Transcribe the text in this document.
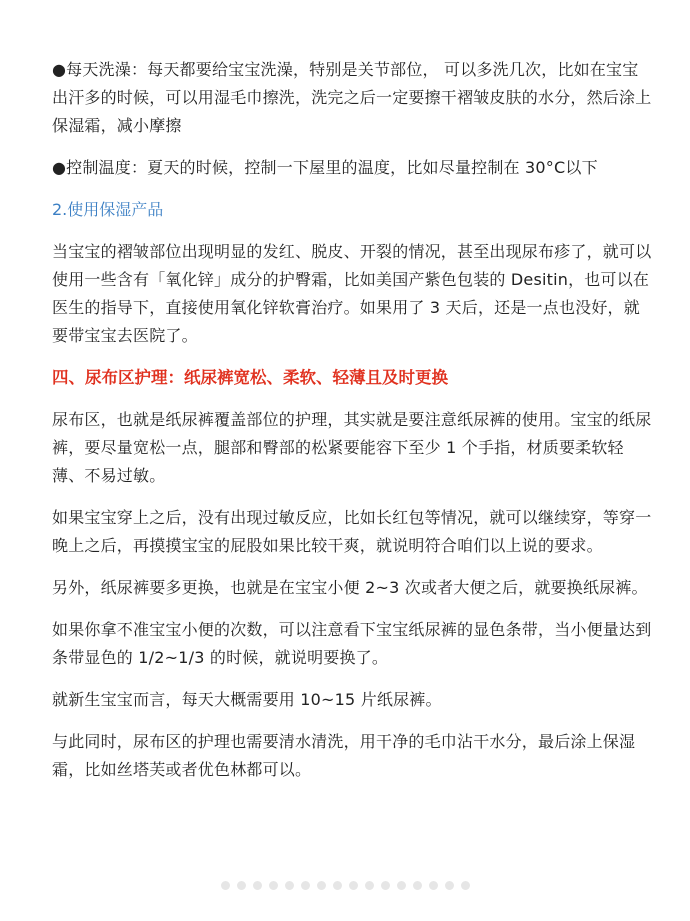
●每天洗澡：每天都要给宝宝洗澡，特别是关节部位， 可以多洗几次，比如在宝宝出汗多的时候，可以用湿毛巾擦洗，洗完之后一定要擦干褶皱皮肤的水分，然后涂上保湿霜，减小摩擦

●控制温度：夏天的时候，控制一下屋里的温度，比如尽量控制在 30°C以下

2.使用保湿产品

当宝宝的褶皱部位出现明显的发红、脱皮、开裂的情况，甚至出现尿布疹了，就可以使用一些含有「氧化锌」成分的护臀霜，比如美国产紫色包装的 Desitin，也可以在医生的指导下，直接使用氧化锌软膏治疗。如果用了 3 天后，还是一点也没好，就要带宝宝去医院了。

四、尿布区护理：纸尿裤宽松、柔软、轻薄且及时更换

尿布区，也就是纸尿裤覆盖部位的护理，其实就是要注意纸尿裤的使用。宝宝的纸尿裤，要尽量宽松一点，腿部和臀部的松紧要能容下至少 1 个手指，材质要柔软轻薄、不易过敏。

如果宝宝穿上之后，没有出现过敏反应，比如长红包等情况，就可以继续穿，等穿一晚上之后，再摸摸宝宝的屁股如果比较干爽，就说明符合咱们以上说的要求。

另外，纸尿裤要多更换，也就是在宝宝小便 2~3 次或者大便之后，就要换纸尿裤。

如果你拿不准宝宝小便的次数，可以注意看下宝宝纸尿裤的显色条带，当小便量达到条带显色的 1/2~1/3 的时候，就说明要换了。

就新生宝宝而言，每天大概需要用 10~15 片纸尿裤。

与此同时，尿布区的护理也需要清水清洗，用干净的毛巾沾干水分，最后涂上保湿霜，比如丝塔芙或者优色林都可以。
